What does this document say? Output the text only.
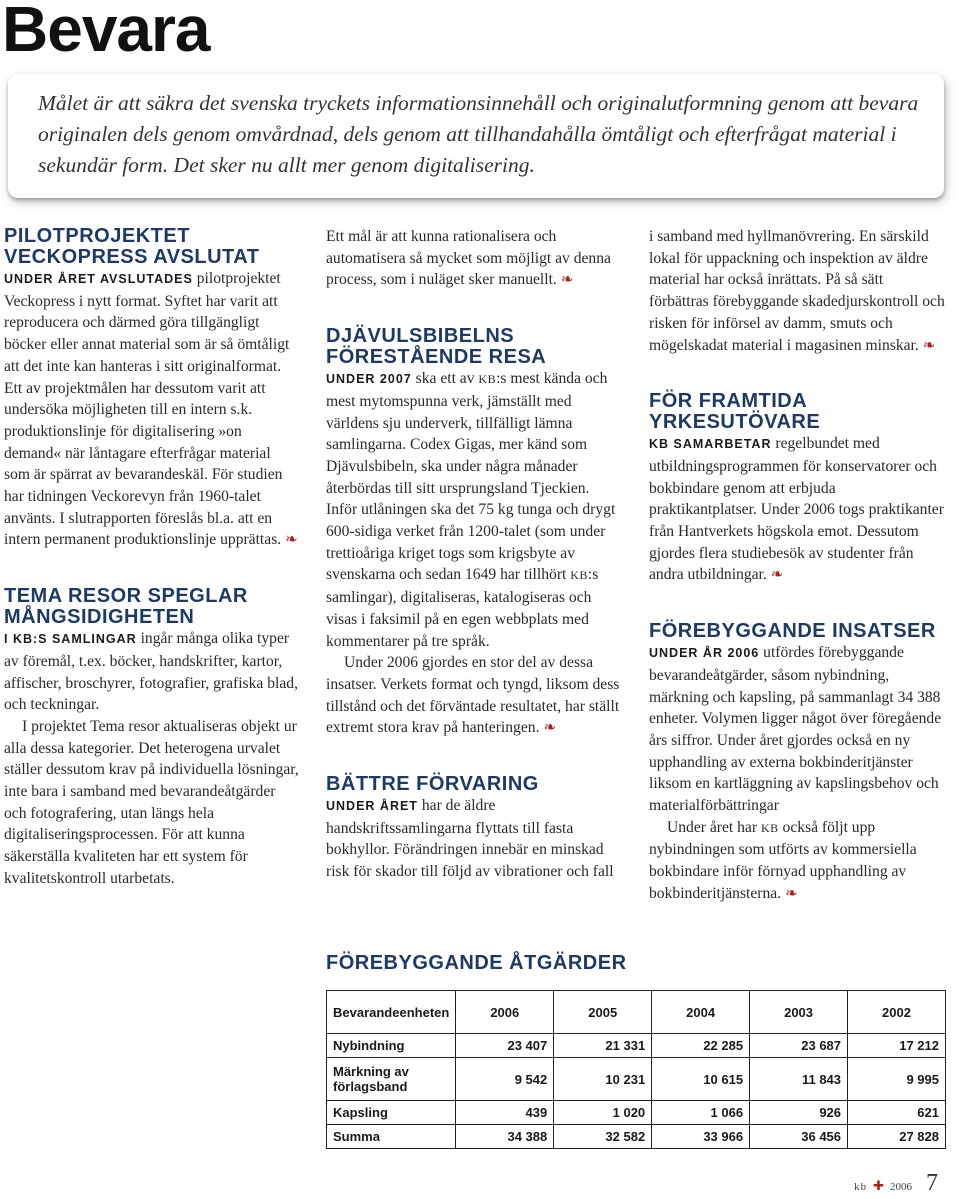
Bevara

Målet är att säkra det svenska tryckets informationsinnehåll och originalutformning genom att bevara originalen dels genom omvårdnad, dels genom att tillhandahålla ömtåligt och efterfrågat material i sekundär form. Det sker nu allt mer genom digitalisering.

PILOTPROJEKTET VECKOPRESS AVSLUTAT

UNDER ÅRET AVSLUTADES pilotprojektet Veckopress i nytt format. Syftet har varit att reproducera och därmed göra tillgängligt böcker eller annat material som är så ömtåligt att det inte kan hanteras i sitt originalformat. Ett av projektmålen har dessutom varit att undersöka möjligheten till en intern s.k. produktionslinje för digitalisering »on demand« när låntagare efterfrågar material som är spärrat av bevarandeskäl. För studien har tidningen Veckorevyn från 1960-talet använts. I slutrapporten föreslås bl.a. att en intern permanent produktionslinje upprättas. ❧

TEMA RESOR SPEGLAR MÅNGSIDIGHETEN

I KB:S SAMLINGAR ingår många olika typer av föremål, t.ex. böcker, handskrifter, kartor, affischer, broschyrer, fotografier, grafiska blad, och teckningar.

I projektet Tema resor aktualiseras objekt ur alla dessa kategorier. Det heterogena urvalet ställer dessutom krav på individuella lösningar, inte bara i samband med bevarandeåtgärder och fotografering, utan längs hela digitaliseringsprocessen. För att kunna säkerställa kvaliteten har ett system för kvalitetskontroll utarbetats.

Ett mål är att kunna rationalisera och automatisera så mycket som möjligt av denna process, som i nuläget sker manuellt. ❧

DJÄVULSBIBELNS FÖRESTÅENDE RESA

UNDER 2007 ska ett av KB:s mest kända och mest mytomspunna verk, jämställt med världens sju underverk, tillfälligt lämna samlingarna. Codex Gigas, mer känd som Djävulsbibeln, ska under några månader återbördas till sitt ursprungsland Tjeckien. Inför utlåningen ska det 75 kg tunga och drygt 600-sidiga verket från 1200-talet (som under trettioåriga kriget togs som krigsbyte av svenskarna och sedan 1649 har tillhört KB:s samlingar), digitaliseras, katalogiseras och visas i faksimil på en egen webbplats med kommentarer på tre språk.

Under 2006 gjordes en stor del av dessa insatser. Verkets format och tyngd, liksom dess tillstånd och det förväntade resultatet, har ställt extremt stora krav på hanteringen. ❧

BÄTTRE FÖRVARING

UNDER ÅRET har de äldre handskriftssamlingarna flyttats till fasta bokhyllor. Förändringen innebär en minskad risk för skador till följd av vibrationer och fall

i samband med hyllmanövrering. En särskild lokal för uppackning och inspektion av äldre material har också inrättats. På så sätt förbättras förebyggande skadedjurskontroll och risken för införsel av damm, smuts och mögelskadat material i magasinen minskar. ❧

FÖR FRAMTIDA YRKESUTÖVARE

KB SAMARBETAR regelbundet med utbildningsprogrammen för konservatorer och bokbindare genom att erbjuda praktikantplatser. Under 2006 togs praktikanter från Hantverkets högskola emot. Dessutom gjordes flera studiebesök av studenter från andra utbildningar. ❧

FÖREBYGGANDE INSATSER

UNDER ÅR 2006 utfördes förebyggande bevarandeåtgärder, såsom nybindning, märkning och kapsling, på sammanlagt 34 388 enheter. Volymen ligger något över föregående års siffror. Under året gjordes också en ny upphandling av externa bokbinderitjänster liksom en kartläggning av kapslingsbehov och materialförbättringar

Under året har KB också följt upp nybindningen som utförts av kommersiella bokbindare inför förnyad upphandling av bokbinderitjänsterna. ❧

FÖREBYGGANDE ÅTGÄRDER
Bevarandeenheten	2006	2005	2004	2003	2002
Nybindning	23 407	21 331	22 285	23 687	17 212
Märkning av förlagsband	9 542	10 231	10 615	11 843	9 995
Kapsling	439	1 020	1 066	926	621
Summa	34 388	32 582	33 966	36 456	27 828
kb ✚ 2006 7
